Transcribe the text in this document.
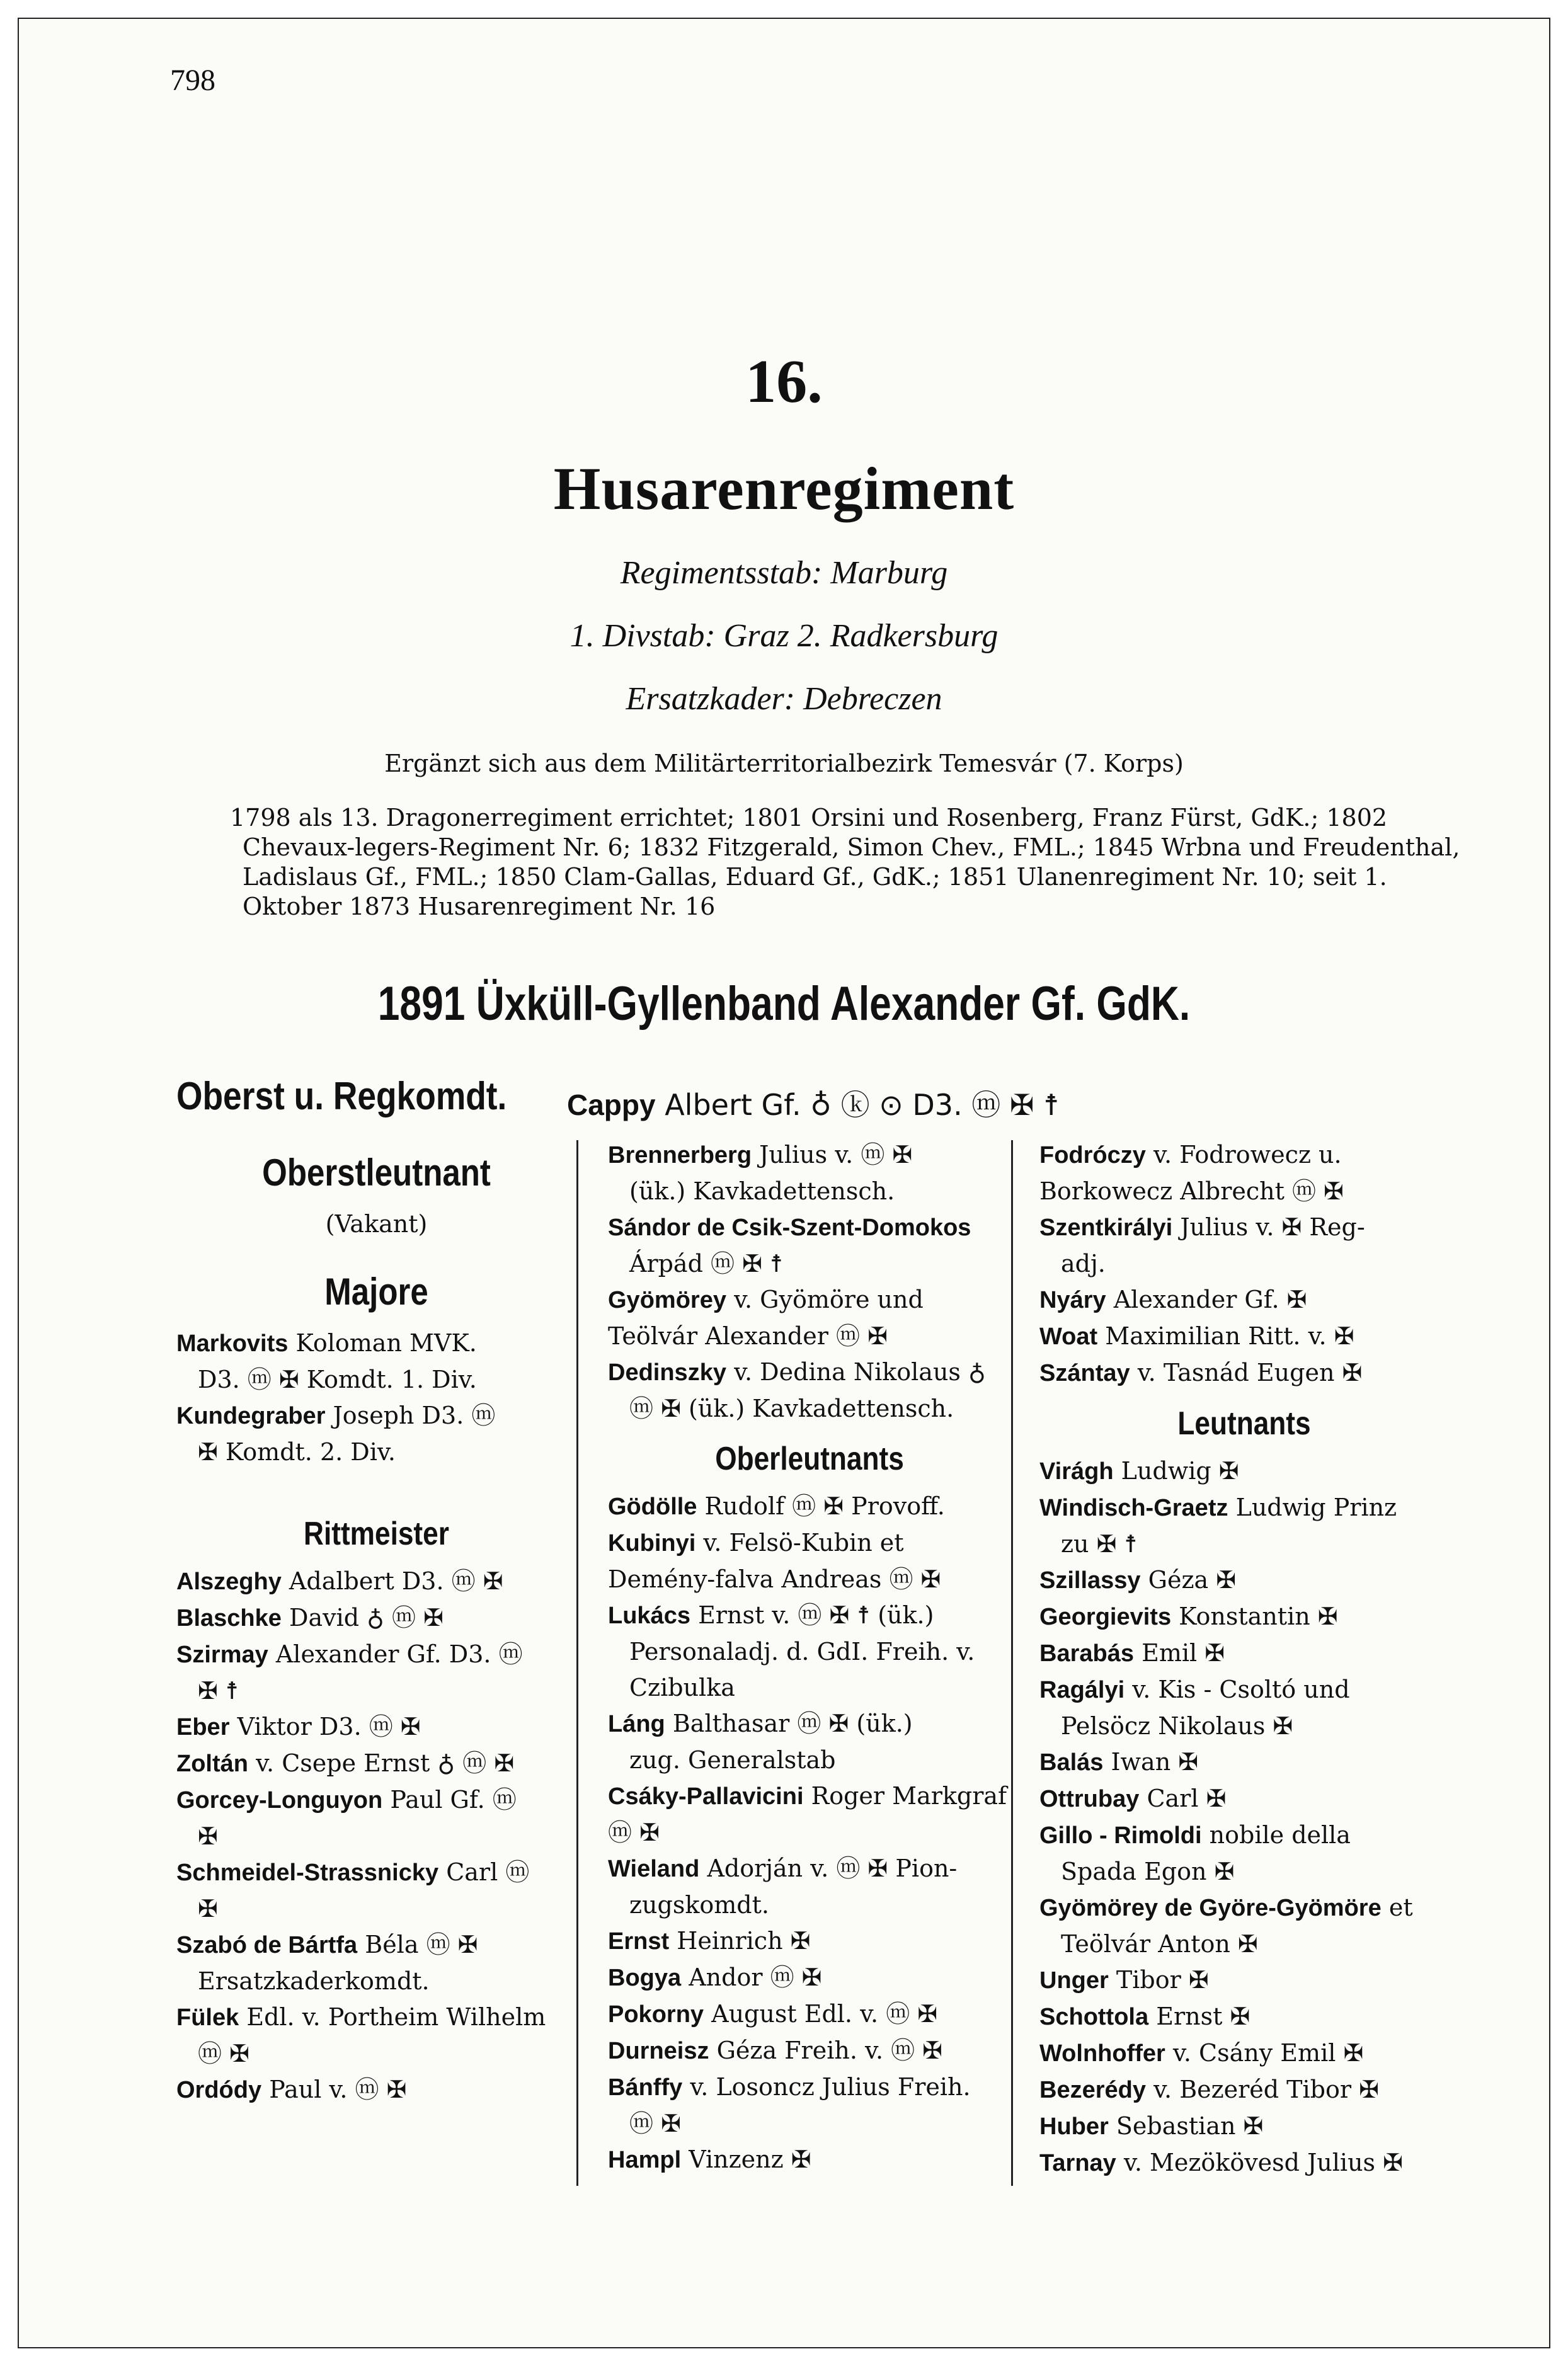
798
16.
Husarenregiment
Regimentsstab: Marburg
1. Divstab: Graz 2. Radkersburg
Ersatzkader: Debreczen
Ergänzt sich aus dem Militärterritorialbezirk Temesvár (7. Korps)
1798 als 13. Dragonerregiment errichtet; 1801 Orsini und Rosenberg, Franz Fürst, GdK.; 1802 Chevaux-legers-Regiment Nr. 6; 1832 Fitzgerald, Simon Chev., FML.; 1845 Wrbna und Freudenthal, Ladislaus Gf., FML.; 1850 Clam-Gallas, Eduard Gf., GdK.; 1851 Ulanenregiment Nr. 10; seit 1. Oktober 1873 Husarenregiment Nr. 16
1891 Üxküll-Gyllenband Alexander Gf. GdK.
Oberst u. Regkomdt. Cappy Albert Gf. ♁ ⓚ ⊙ D3. ⓜ ✠ ☨
Oberstleutnant
(Vakant)
Majore
Markovits Koloman MVK.
D3. ⓜ ✠ Komdt. 1. Div.
Kundegraber Joseph D3. ⓜ
✠ Komdt. 2. Div.
Rittmeister
Alszeghy Adalbert D3. ⓜ ✠
Blaschke David ♁ ⓜ ✠
Szirmay Alexander Gf. D3. ⓜ
✠ ☨
Eber Viktor D3. ⓜ ✠
Zoltán v. Csepe Ernst ♁ ⓜ ✠
Gorcey-Longuyon Paul Gf. ⓜ
✠
Schmeidel-Strassnicky Carl ⓜ
✠
Szabó de Bártfa Béla ⓜ ✠
Ersatzkaderkomdt.
Fülek Edl. v. Portheim Wilhelm
ⓜ ✠
Ordódy Paul v. ⓜ ✠
Brennerberg Julius v. ⓜ ✠
(ük.) Kavkadettensch.
Sándor de Csik-Szent-Domokos
Árpád ⓜ ✠ ☨
Gyömörey v. Gyömöre und Teölvár Alexander ⓜ ✠
Dedinszky v. Dedina Nikolaus ♁
ⓜ ✠ (ük.) Kavkadettensch.
Oberleutnants
Gödölle Rudolf ⓜ ✠ Provoff.
Kubinyi v. Felsö-Kubin et Demény-falva Andreas ⓜ ✠
Lukács Ernst v. ⓜ ✠ ☨ (ük.)
Personaladj. d. GdI. Freih. v. Czibulka
Láng Balthasar ⓜ ✠ (ük.)
zug. Generalstab
Csáky-Pallavicini Roger Markgraf ⓜ ✠
Wieland Adorján v. ⓜ ✠ Pion-
zugskomdt.
Ernst Heinrich ✠
Bogya Andor ⓜ ✠
Pokorny August Edl. v. ⓜ ✠
Durneisz Géza Freih. v. ⓜ ✠
Bánffy v. Losoncz Julius Freih.
ⓜ ✠
Hampl Vinzenz ✠
Fodróczy v. Fodrowecz u. Borkowecz Albrecht ⓜ ✠
Szentkirályi Julius v. ✠ Reg-
adj.
Nyáry Alexander Gf. ✠
Woat Maximilian Ritt. v. ✠
Szántay v. Tasnád Eugen ✠
Leutnants
Virágh Ludwig ✠
Windisch-Graetz Ludwig Prinz
zu ✠ ☨
Szillassy Géza ✠
Georgievits Konstantin ✠
Barabás Emil ✠
Ragályi v. Kis - Csoltó und
Pelsöcz Nikolaus ✠
Balás Iwan ✠
Ottrubay Carl ✠
Gillo - Rimoldi nobile della
Spada Egon ✠
Gyömörey de Györe-Gyömöre et
Teölvár Anton ✠
Unger Tibor ✠
Schottola Ernst ✠
Wolnhoffer v. Csány Emil ✠
Bezerédy v. Bezeréd Tibor ✠
Huber Sebastian ✠
Tarnay v. Mezökövesd Julius ✠
